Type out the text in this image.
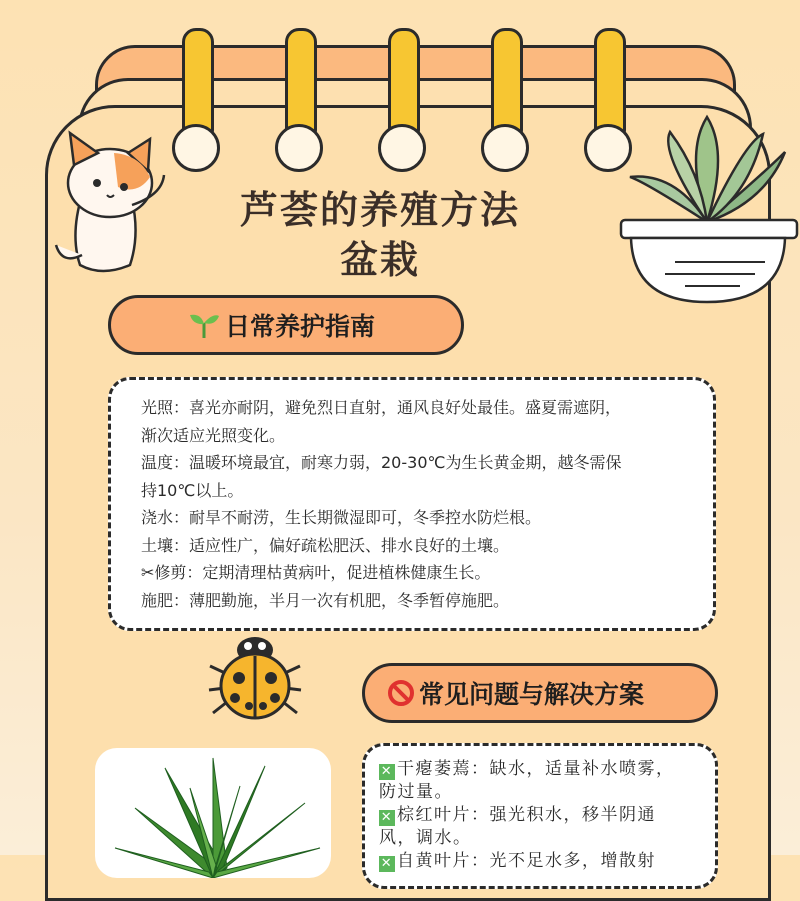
芦荟的养殖方法
盆栽
日常养护指南
光照：喜光亦耐阴，避免烈日直射，通风良好处最佳。盛夏需遮阴，
渐次适应光照变化。
温度：温暖环境最宜，耐寒力弱，20-30℃为生长黄金期，越冬需保
持10℃以上。
浇水：耐旱不耐涝，生长期微湿即可，冬季控水防烂根。
土壤：适应性广，偏好疏松肥沃、排水良好的土壤。
✂修剪：定期清理枯黄病叶，促进植株健康生长。
施肥：薄肥勤施，半月一次有机肥，冬季暂停施肥。
常见问题与解决方案
✕ 干瘪萎蔫：缺水，适量补水喷雾，
防过量。
✕ 棕红叶片：强光积水，移半阴通
风，调水。
✕ 自黄叶片：光不足水多，增散射
